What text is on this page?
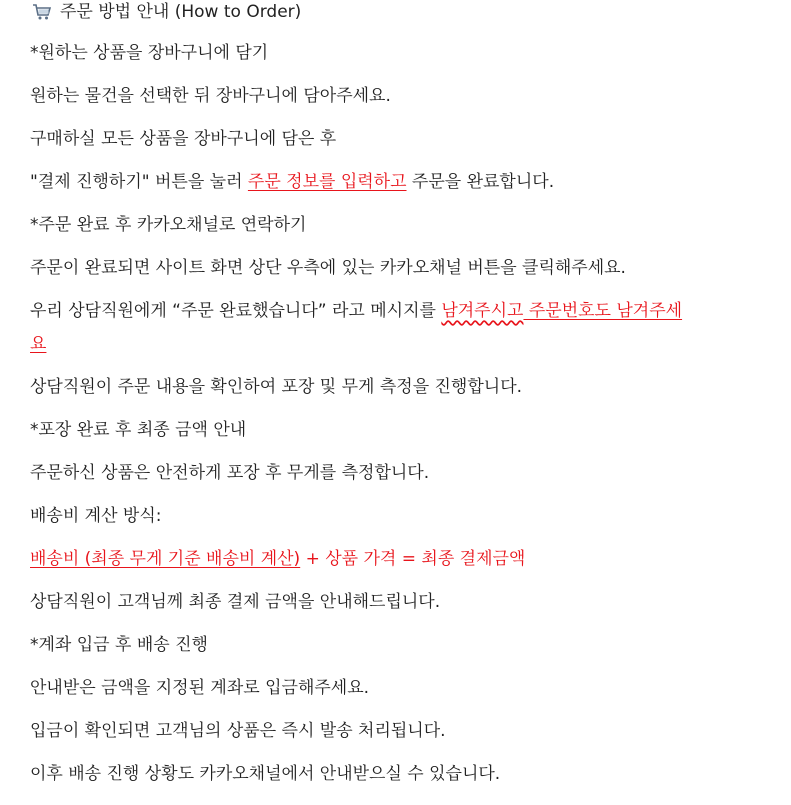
주문 방법 안내 (How to Order)
*원하는 상품을 장바구니에 담기
원하는 물건을 선택한 뒤 장바구니에 담아주세요.
구매하실 모든 상품을 장바구니에 담은 후
"결제 진행하기" 버튼을 눌러 주문 정보를 입력하고 주문을 완료합니다.
*주문 완료 후 카카오채널로 연락하기
주문이 완료되면 사이트 화면 상단 우측에 있는 카카오채널 버튼을 클릭해주세요.
우리 상담직원에게 “주문 완료했습니다” 라고 메시지를 남겨주시고 주문번호도 남겨주세
요
상담직원이 주문 내용을 확인하여 포장 및 무게 측정을 진행합니다.
*포장 완료 후 최종 금액 안내
주문하신 상품은 안전하게 포장 후 무게를 측정합니다.
배송비 계산 방식:
배송비 (최종 무게 기준 배송비 계산) + 상품 가격 = 최종 결제금액
상담직원이 고객님께 최종 결제 금액을 안내해드립니다.
*계좌 입금 후 배송 진행
안내받은 금액을 지정된 계좌로 입금해주세요.
입금이 확인되면 고객님의 상품은 즉시 발송 처리됩니다.
이후 배송 진행 상황도 카카오채널에서 안내받으실 수 있습니다.
